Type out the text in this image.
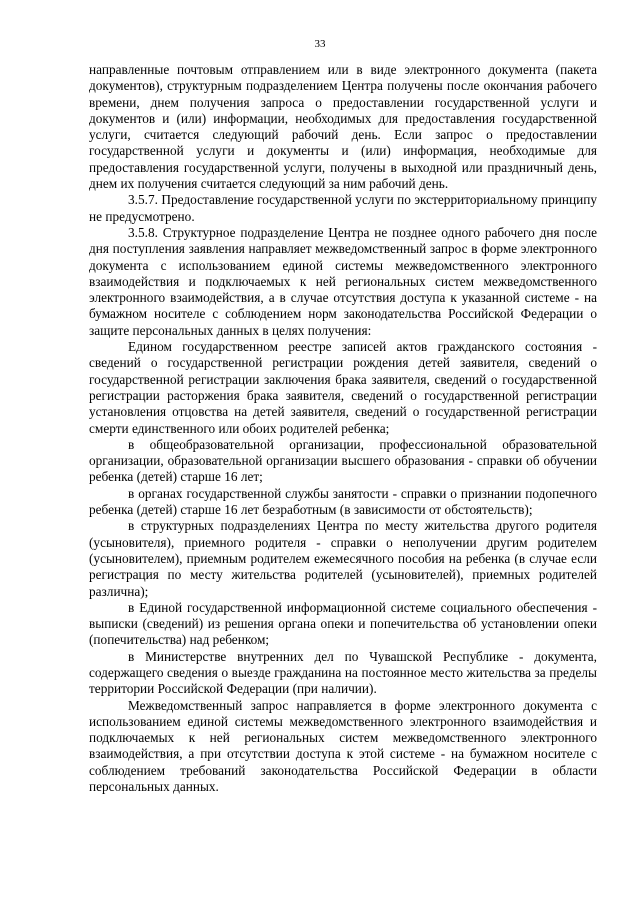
33

направленные почтовым отправлением или в виде электронного документа (пакета документов), структурным подразделением Центра получены после окончания рабочего времени, днем получения запроса о предоставлении государственной услуги и документов и (или) информации, необходимых для предоставления государственной услуги, считается следующий рабочий день. Если запрос о предоставлении государственной услуги и документы и (или) информация, необходимые для предоставления государственной услуги, получены в выходной или праздничный день, днем их получения считается следующий за ним рабочий день.

3.5.7. Предоставление государственной услуги по экстерриториальному принципу не предусмотрено.

3.5.8. Структурное подразделение Центра не позднее одного рабочего дня после дня поступления заявления направляет межведомственный запрос в форме электронного документа с использованием единой системы межведомственного электронного взаимодействия и подключаемых к ней региональных систем межведомственного электронного взаимодействия, а в случае отсутствия доступа к указанной системе - на бумажном носителе с соблюдением норм законодательства Российской Федерации о защите персональных данных в целях получения:

Едином государственном реестре записей актов гражданского состояния - сведений о государственной регистрации рождения детей заявителя, сведений о государственной регистрации заключения брака заявителя, сведений о государственной регистрации расторжения брака заявителя, сведений о государственной регистрации установления отцовства на детей заявителя, сведений о государственной регистрации смерти единственного или обоих родителей ребенка;

в общеобразовательной организации, профессиональной образовательной организации, образовательной организации высшего образования - справки об обучении ребенка (детей) старше 16 лет;

в органах государственной службы занятости - справки о признании подопечного ребенка (детей) старше 16 лет безработным (в зависимости от обстоятельств);

в структурных подразделениях Центра по месту жительства другого родителя (усыновителя), приемного родителя - справки о неполучении другим родителем (усыновителем), приемным родителем ежемесячного пособия на ребенка (в случае если регистрация по месту жительства родителей (усыновителей), приемных родителей различна);

в Единой государственной информационной системе социального обеспечения - выписки (сведений) из решения органа опеки и попечительства об установлении опеки (попечительства) над ребенком;

в Министерстве внутренних дел по Чувашской Республике - документа, содержащего сведения о выезде гражданина на постоянное место жительства за пределы территории Российской Федерации (при наличии).

Межведомственный запрос направляется в форме электронного документа с использованием единой системы межведомственного электронного взаимодействия и подключаемых к ней региональных систем межведомственного электронного взаимодействия, а при отсутствии доступа к этой системе - на бумажном носителе с соблюдением требований законодательства Российской Федерации в области персональных данных.
